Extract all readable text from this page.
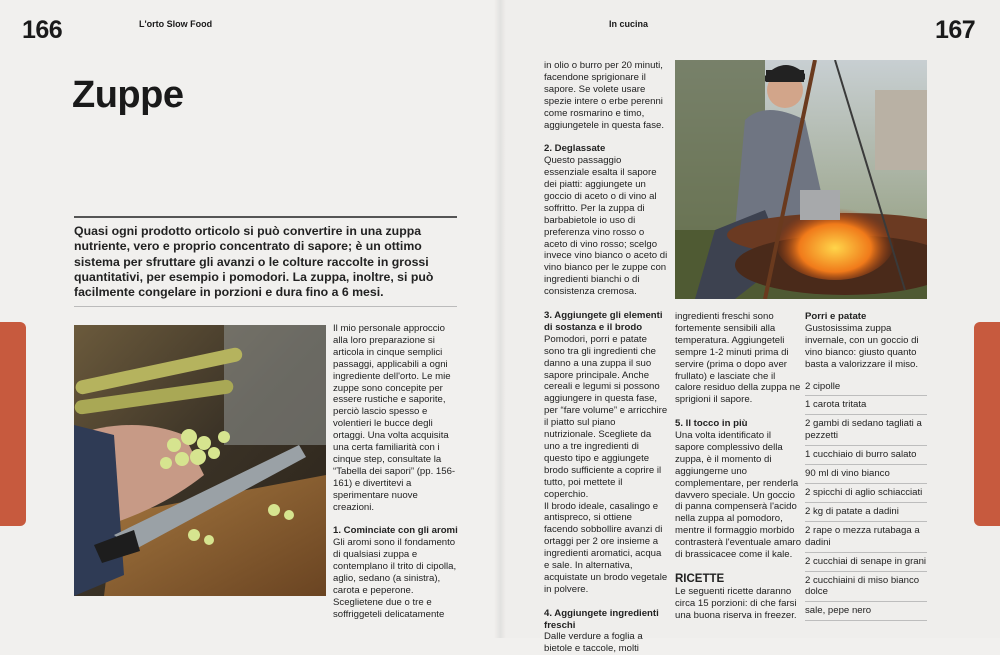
166	L'orto Slow Food
Zuppe
Quasi ogni prodotto orticolo si può convertire in una zuppa nutriente, vero e proprio concentrato di sapore; è un ottimo sistema per sfruttare gli avanzi o le colture raccolte in grossi quantitativi, per esempio i pomodori. La zuppa, inoltre, si può facilmente congelare in porzioni e dura fino a 6 mesi.

Il mio personale approccio alla loro preparazione si articola in cinque semplici passaggi, applicabili a ogni ingrediente dell'orto. Le mie zuppe sono concepite per essere rustiche e saporite, perciò lascio spesso e volentieri le bucce degli ortaggi. Una volta acquisita una certa familiarità con i cinque step, consultate la “Tabella dei sapori” (pp. 156-161) e divertitevi a sperimentare nuove creazioni.

1. Cominciate con gli aromi
Gli aromi sono il fondamento di qualsiasi zuppa e contemplano il trito di cipolla, aglio, sedano (a sinistra), carota e peperone. Sceglietene due o tre e soffriggeteli delicatamente
In cucina	167

in olio o burro per 20 minuti, facendone sprigionare il sapore. Se volete usare spezie intere o erbe perenni come rosmarino e timo, aggiungetele in questa fase.

2. Deglassate

Questo passaggio essenziale esalta il sapore dei piatti: aggiungete un goccio di aceto o di vino al soffritto. Per la zuppa di barbabietole io uso di preferenza vino rosso o aceto di vino rosso; scelgo invece vino bianco o aceto di vino bianco per le zuppe con ingredienti bianchi o di consistenza cremosa.

3. Aggiungete gli elementi di sostanza e il brodo
Pomodori, porri e patate sono tra gli ingredienti che danno a una zuppa il suo sapore principale. Anche cereali e legumi si possono aggiungere in questa fase, per “fare volume” e arricchire il piatto sul piano nutrizionale. Scegliete da uno a tre ingredienti di questo tipo e aggiungete brodo sufficiente a coprire il tutto, poi mettete il coperchio.

Il brodo ideale, casalingo e antispreco, si ottiene facendo sobbollire avanzi di ortaggi per 2 ore insieme a ingredienti aromatici, acqua e sale. In alternativa, acquistate un brodo vegetale in polvere.

4. Aggiungete ingredienti freschi
Dalle verdure a foglia a bietole e taccole, molti

ingredienti freschi sono fortemente sensibili alla temperatura. Aggiungeteli sempre 1-2 minuti prima di servire (prima o dopo aver frullato) e lasciate che il calore residuo della zuppa ne sprigioni il sapore.

5. Il tocco in più

Una volta identificato il sapore complessivo della zuppa, è il momento di aggiungerne uno complementare, per renderla davvero speciale. Un goccio di panna compenserà l'acido nella zuppa al pomodoro, mentre il formaggio morbido contrasterà l'eventuale amaro di brassicacee come il kale.

RICETTE
Le seguenti ricette daranno circa 15 porzioni: di che farsi una buona riserva in freezer.
Porri e patate

Gustosissima zuppa invernale, con un goccio di vino bianco: giusto quanto basta a valorizzare il miso.

2 cipolle
1 carota tritata
2 gambi di sedano tagliati a pezzetti
1 cucchiaio di burro salato
90 ml di vino bianco
2 spicchi di aglio schiacciati
2 kg di patate a dadini
2 rape o mezza rutabaga a dadini
2 cucchiai di senape in grani
2 cucchiaini di miso bianco dolce
sale, pepe nero
